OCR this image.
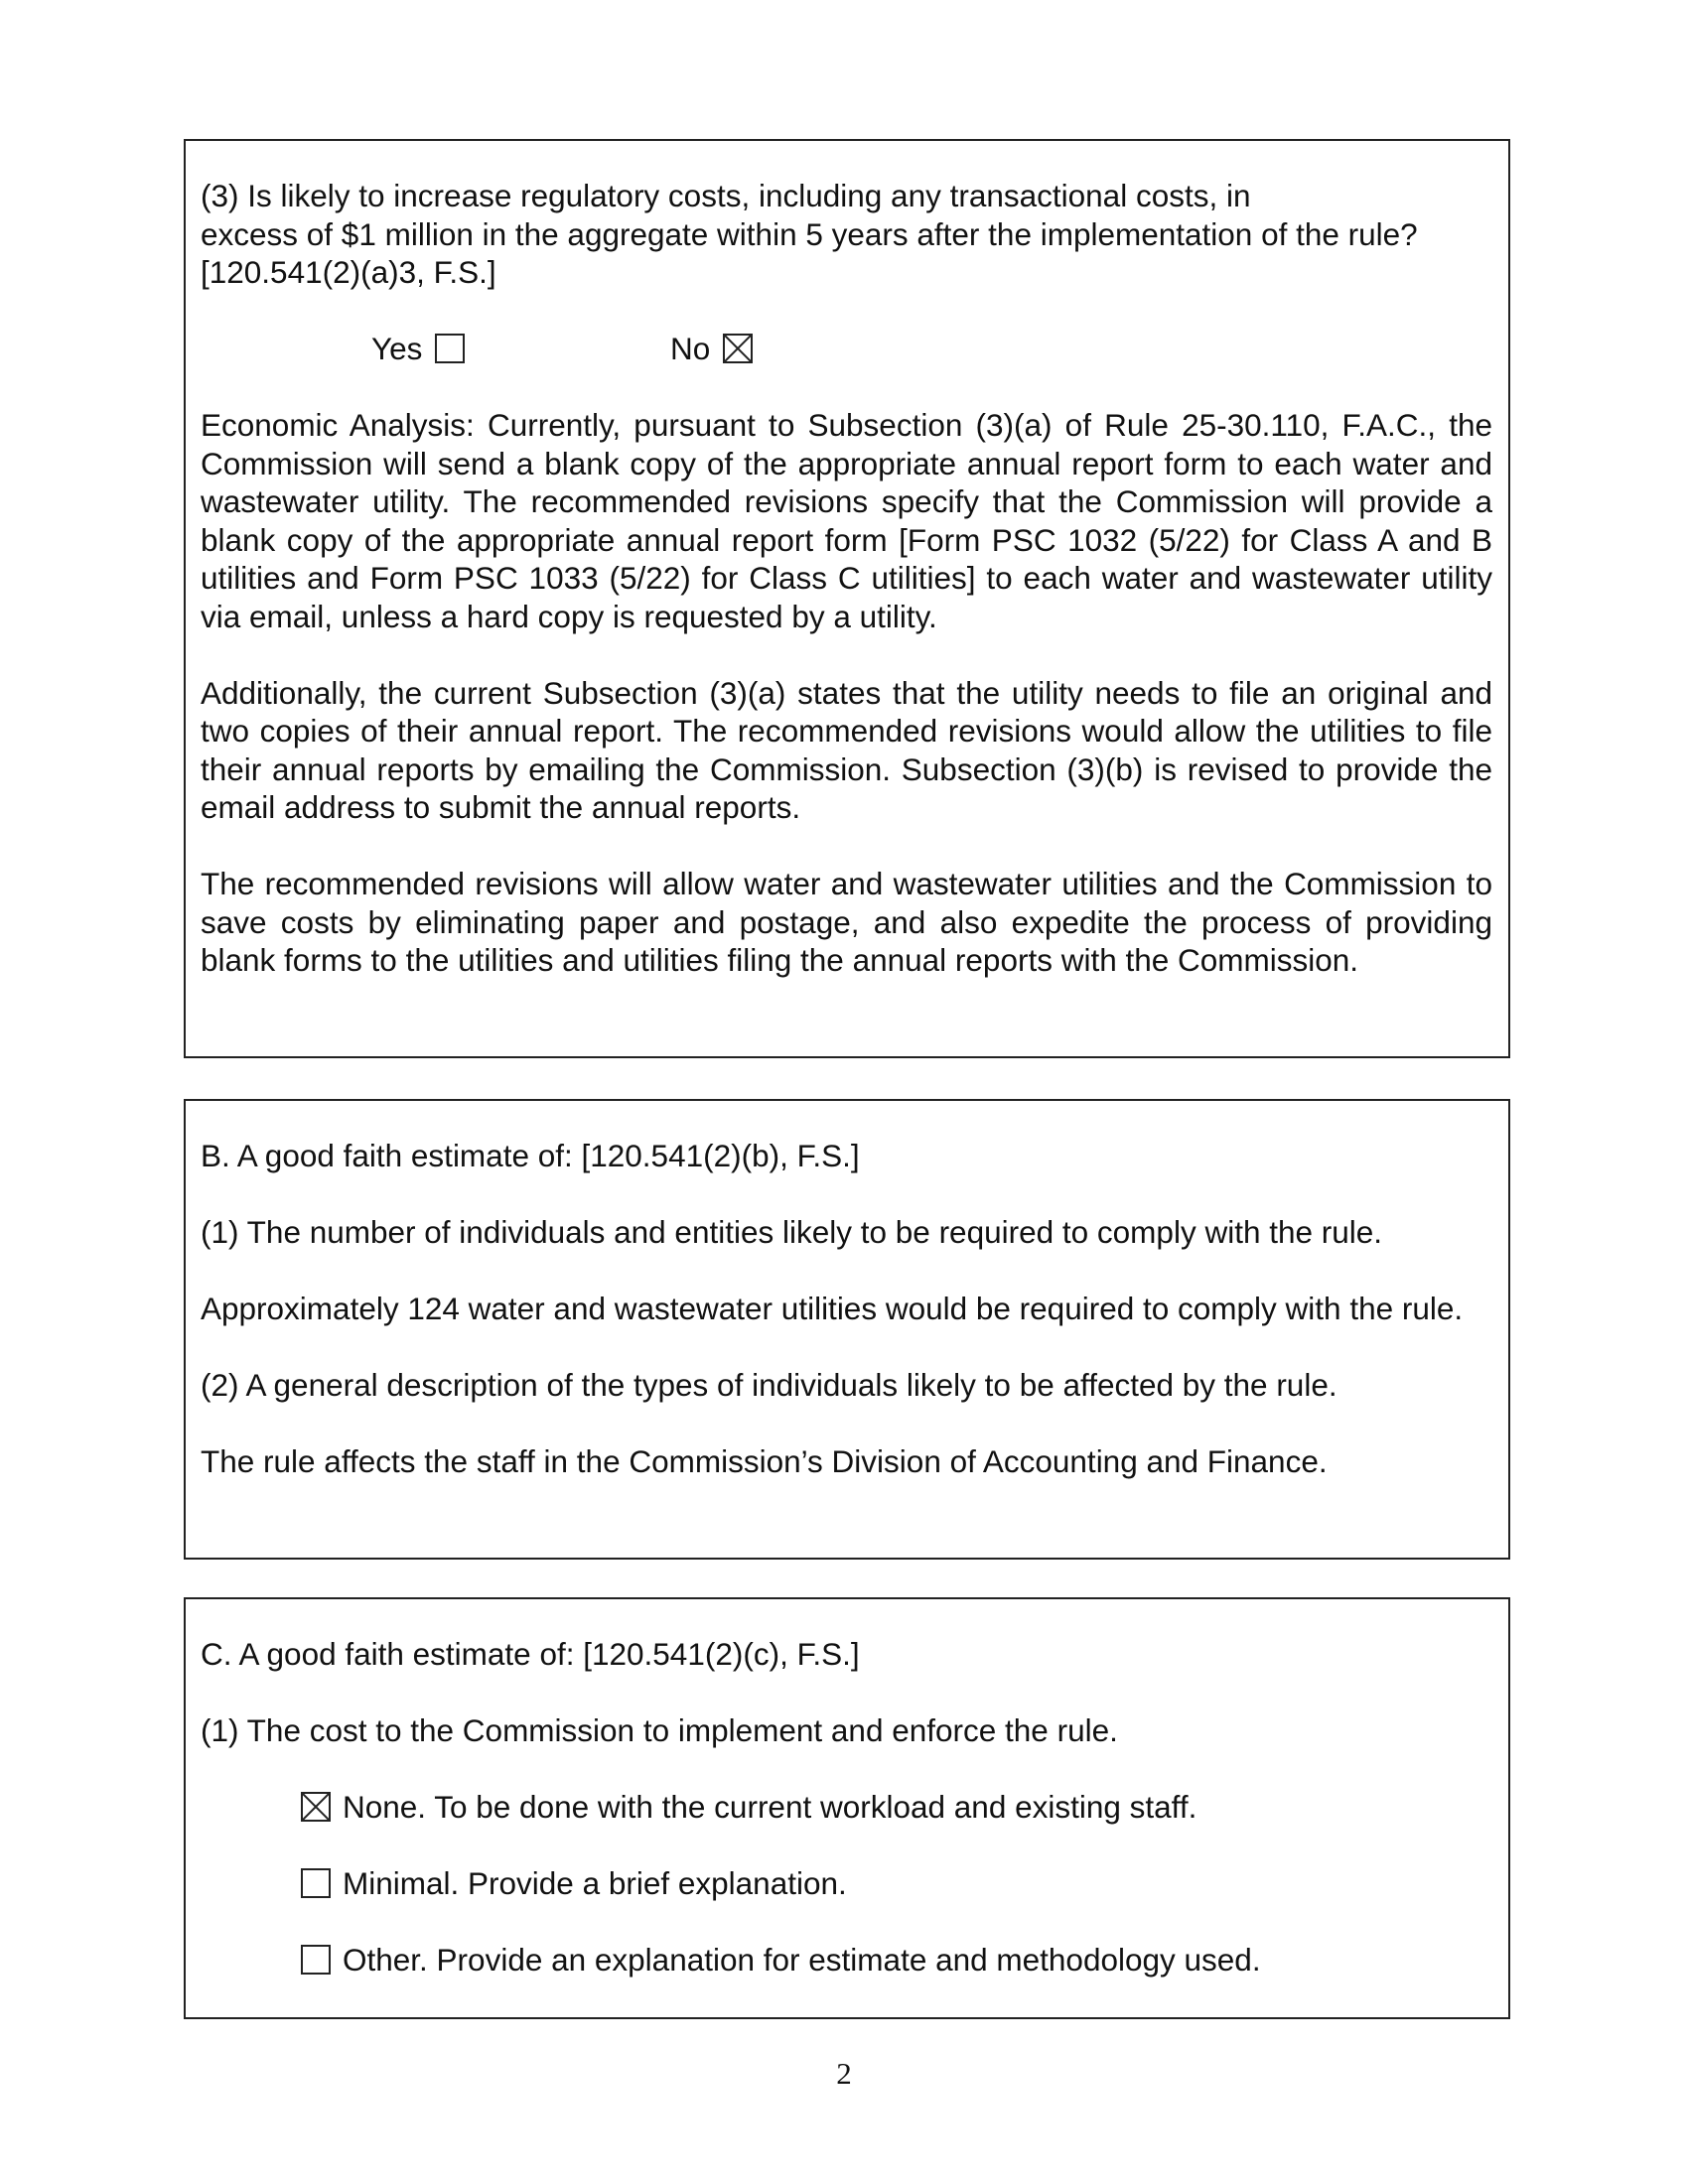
(3) Is likely to increase regulatory costs, including any transactional costs, in

excess of $1 million in the aggregate within 5 years after the implementation of the rule?

[120.541(2)(a)3, F.S.]

Yes	No

Economic Analysis: Currently, pursuant to Subsection (3)(a) of Rule 25-30.110, F.A.C., the Commission will send a blank copy of the appropriate annual report form to each water and wastewater utility. The recommended revisions specify that the Commission will provide a blank copy of the appropriate annual report form [Form PSC 1032 (5/22) for Class A and B utilities and Form PSC 1033 (5/22) for Class C utilities] to each water and wastewater utility via email, unless a hard copy is requested by a utility.

Additionally, the current Subsection (3)(a) states that the utility needs to file an original and two copies of their annual report. The recommended revisions would allow the utilities to file their annual reports by emailing the Commission. Subsection (3)(b) is revised to provide the email address to submit the annual reports.

The recommended revisions will allow water and wastewater utilities and the Commission to save costs by eliminating paper and postage, and also expedite the process of providing blank forms to the utilities and utilities filing the annual reports with the Commission.

B. A good faith estimate of: [120.541(2)(b), F.S.]

(1) The number of individuals and entities likely to be required to comply with the rule.

Approximately 124 water and wastewater utilities would be required to comply with the rule.

(2) A general description of the types of individuals likely to be affected by the rule.

The rule affects the staff in the Commission’s Division of Accounting and Finance.

C. A good faith estimate of: [120.541(2)(c), F.S.]

(1) The cost to the Commission to implement and enforce the rule.

None. To be done with the current workload and existing staff.
Minimal. Provide a brief explanation.
Other. Provide an explanation for estimate and methodology used.
2
